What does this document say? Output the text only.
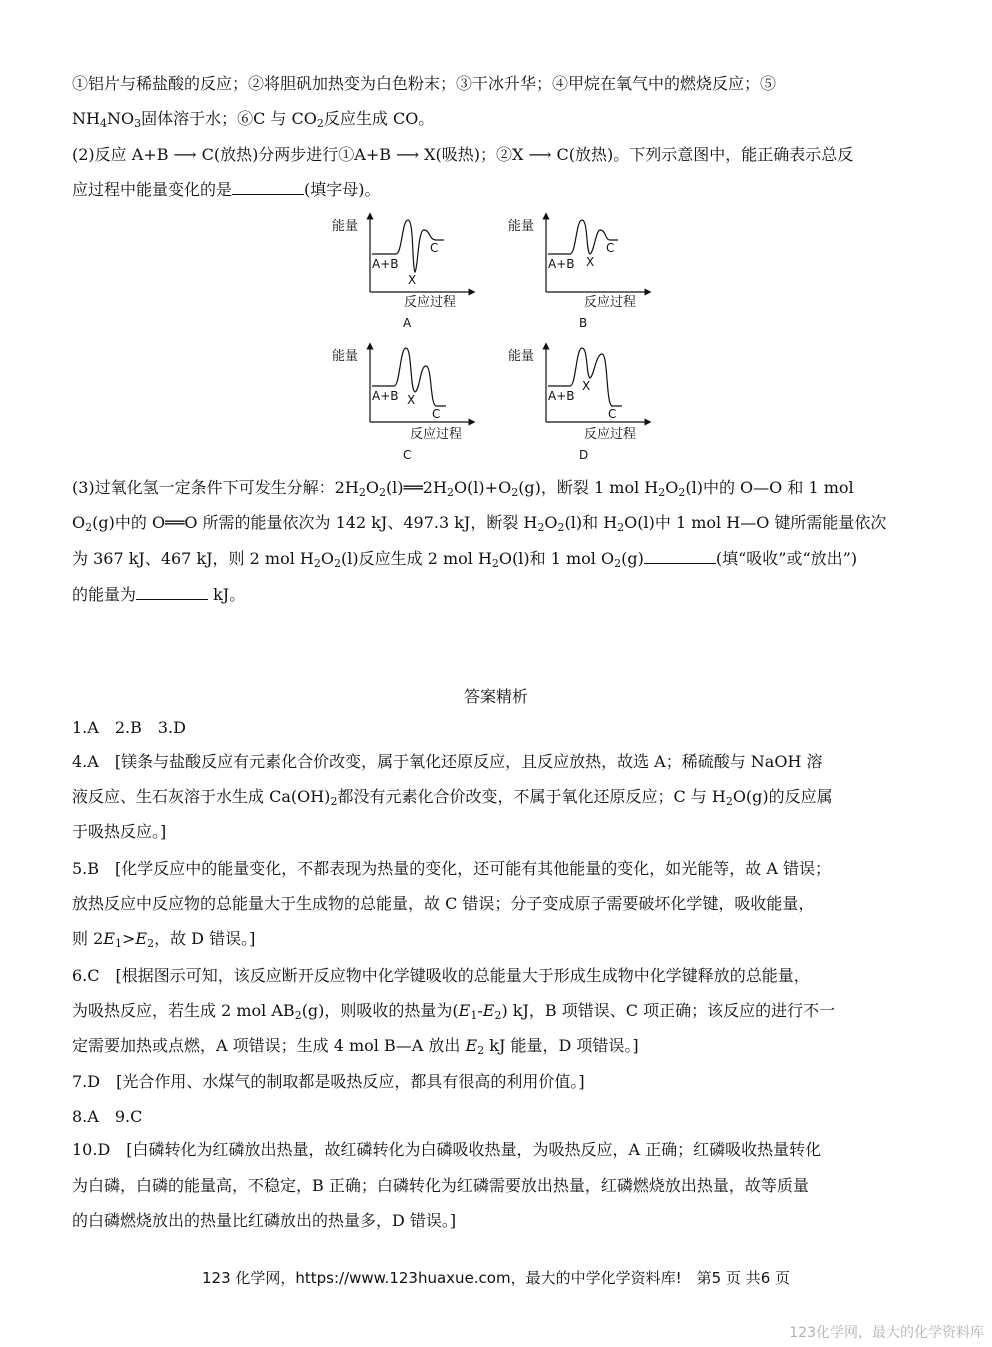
①铝片与稀盐酸的反应；②将胆矾加热变为白色粉末；③干冰升华；④甲烷在氧气中的燃烧反应；⑤
$NH_4NO_3$固体溶于水；⑥C 与 $CO_2$反应生成 CO。
(2)反应 A+B ⟶ C(放热)分两步进行①A+B ⟶ X(吸热)；②X ⟶ C(放热)。下列示意图中，能正确表示总反
应过程中能量变化的是	(填字母)。
能量
A+B
X
C
反应过程
A
能量
A+B X
C
反应过程
B
能量
A+B X
C
反应过程
C
能量
A+B
X
C
反应过程
D
(3)过氧化氢一定条件下可发生分解：$2H_2O_2(l)══2H_2O(l)+O_2(g)$，断裂 1 mol $H_2O_2(l)$中的 O—O 和 1 mol
$O_2(g)$中的 O══O 所需的能量依次为 142 kJ、497.3 kJ，断裂 $H_2O_2(l)$和 $H_2O(l)$中 1 mol H—O 键所需能量依次
为 367 kJ、467 kJ，则 2 mol $H_2O_2(l)$反应生成 2 mol $H_2O(l)$和 1 mol $O_2(g)$	(填“吸收”或“放出”)
的能量为	kJ。
答案精析
1.A　2.B　3.D
4.A　[镁条与盐酸反应有元素化合价改变，属于氧化还原反应，且反应放热，故选 A；稀硫酸与 NaOH 溶
液反应、生石灰溶于水生成 $Ca(OH)_2$都没有元素化合价改变，不属于氧化还原反应；C 与 $H_2O(g)$的反应属
于吸热反应。]
5.B　[化学反应中的能量变化，不都表现为热量的变化，还可能有其他能量的变化，如光能等，故 A 错误；
放热反应中反应物的总能量大于生成物的总能量，故 C 错误；分子变成原子需要破坏化学键，吸收能量，
则 $2E_1>E_2$，故 D 错误。]
6.C　[根据图示可知，该反应断开反应物中化学键吸收的总能量大于形成生成物中化学键释放的总能量，
为吸热反应，若生成 2 mol $AB_2(g)$，则吸收的热量为$(E_1-E_2)$ kJ，B 项错误、C 项正确；该反应的进行不一
定需要加热或点燃，A 项错误；生成 4 mol B—A 放出 $E_2$ kJ 能量，D 项错误。]
7.D　[光合作用、水煤气的制取都是吸热反应，都具有很高的利用价值。]
8.A　9.C
10.D　[白磷转化为红磷放出热量，故红磷转化为白磷吸收热量，为吸热反应，A 正确；红磷吸收热量转化
为白磷，白磷的能量高，不稳定，B 正确；白磷转化为红磷需要放出热量，红磷燃烧放出热量，故等质量
的白磷燃烧放出的热量比红磷放出的热量多，D 错误。]
123 化学网，https://www.123huaxue.com，最大的中学化学资料库!　第5 页 共6 页
123化学网，最大的化学资料库
